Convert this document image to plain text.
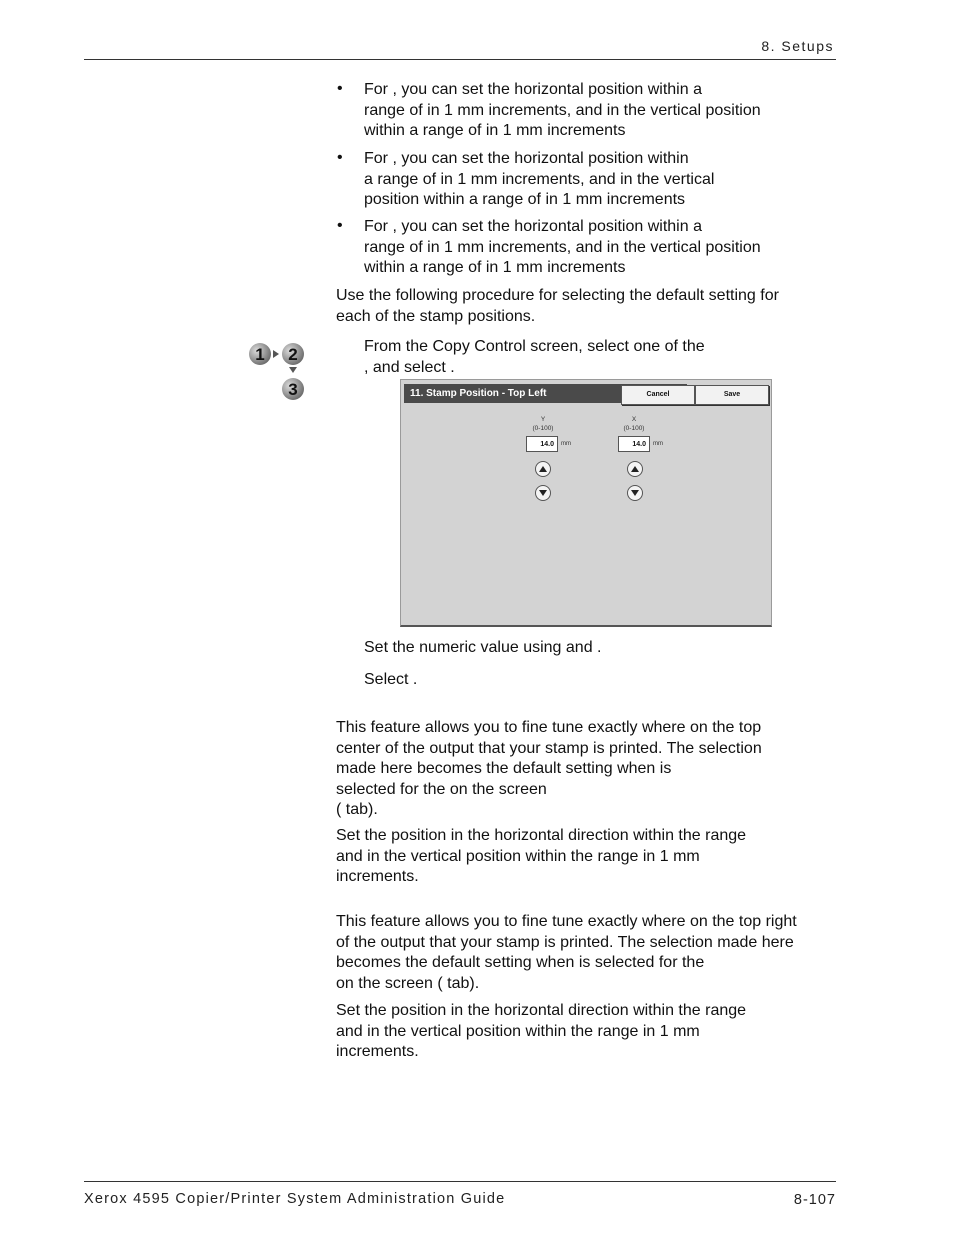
8. Setups
• For , you can set the horizontal position within a
range of in 1 mm increments, and in the vertical position
within a range of in 1 mm increments
• For , you can set the horizontal position within
a range of in 1 mm increments, and in the vertical
position within a range of in 1 mm increments
• For , you can set the horizontal position within a
range of in 1 mm increments, and in the vertical position
within a range of in 1 mm increments
Use the following procedure for selecting the default setting for
each of the stamp positions.
1 2
3
From the Copy Control screen, select one of the
, and select .
11. Stamp Position - Top Left	Cancel	Save
Y
(0-100)
14.0	mm
X
(0-100)
14.0	mm
Set the numeric value using and .
Select .
This feature allows you to fine tune exactly where on the top
center of the output that your stamp is printed. The selection
made here becomes the default setting when is
selected for the on the screen
( tab).
Set the position in the horizontal direction within the range
and in the vertical position within the range in 1 mm
increments.
This feature allows you to fine tune exactly where on the top right
of the output that your stamp is printed. The selection made here
becomes the default setting when is selected for the
on the screen ( tab).
Set the position in the horizontal direction within the range
and in the vertical position within the range in 1 mm
increments.
Xerox 4595 Copier/Printer System Administration Guide	8-107
